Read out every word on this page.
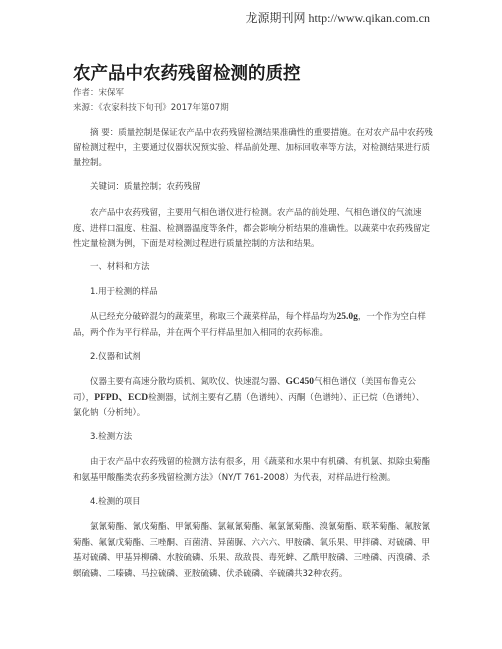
龙源期刊网 http://www.qikan.com.cn
农产品中农药残留检测的质控
作者：宋保军
来源：《农家科技下旬刊》2017年第07期
摘 要：质量控制是保证农产品中农药残留检测结果准确性的重要措施。在对农产品中农药残留检测过程中，主要通过仪器状况预实验、样品前处理、加标回收率等方法，对检测结果进行质量控制。
关键词：质量控制；农药残留
农产品中农药残留，主要用气相色谱仪进行检测。农产品的前处理、气相色谱仪的气流速度、进样口温度、柱温、检测器温度等条件，都会影响分析结果的准确性。以蔬菜中农药残留定性定量检测为例，下面是对检测过程进行质量控制的方法和结果。
一、材料和方法
1.用于检测的样品
从已经充分破碎混匀的蔬菜里，称取三个蔬菜样品，每个样品均为25.0g，一个作为空白样品，两个作为平行样品，并在两个平行样品里加入相同的农药标准。
2.仪器和试剂
仪器主要有高速分散均质机、氮吹仪、快速混匀器、GC450气相色谱仪（美国布鲁克公司），PFPD、ECD检测器，试剂主要有乙腈（色谱纯）、丙酮（色谱纯）、正已烷（色谱纯）、氯化钠（分析纯）。
3.检测方法
由于农产品中农药残留的检测方法有很多，用《蔬菜和水果中有机磷、有机氯、拟除虫菊酯和氨基甲酸酯类农药多残留检测方法》（NY/T 761-2008）为代表，对样品进行检测。
4.检测的项目
氯氰菊酯、氰戊菊酯、甲氰菊酯、氯氟氰菊酯、氟氯氰菊酯、溴氰菊酯、联苯菊酯、氟胺氰菊酯、氟氰戊菊酯、三唑酮、百菌清、异菌脲、六六六、甲胺磷、氧乐果、甲拌磷、对硫磷、甲基对硫磷、甲基异柳磷、水胺硫磷、乐果、敌敌畏、毒死蜱、乙酰甲胺磷、三唑磷、丙溴磷、杀螟硫磷、二嗪磷、马拉硫磷、亚胺硫磷、伏杀硫磷、辛硫磷共32种农药。
